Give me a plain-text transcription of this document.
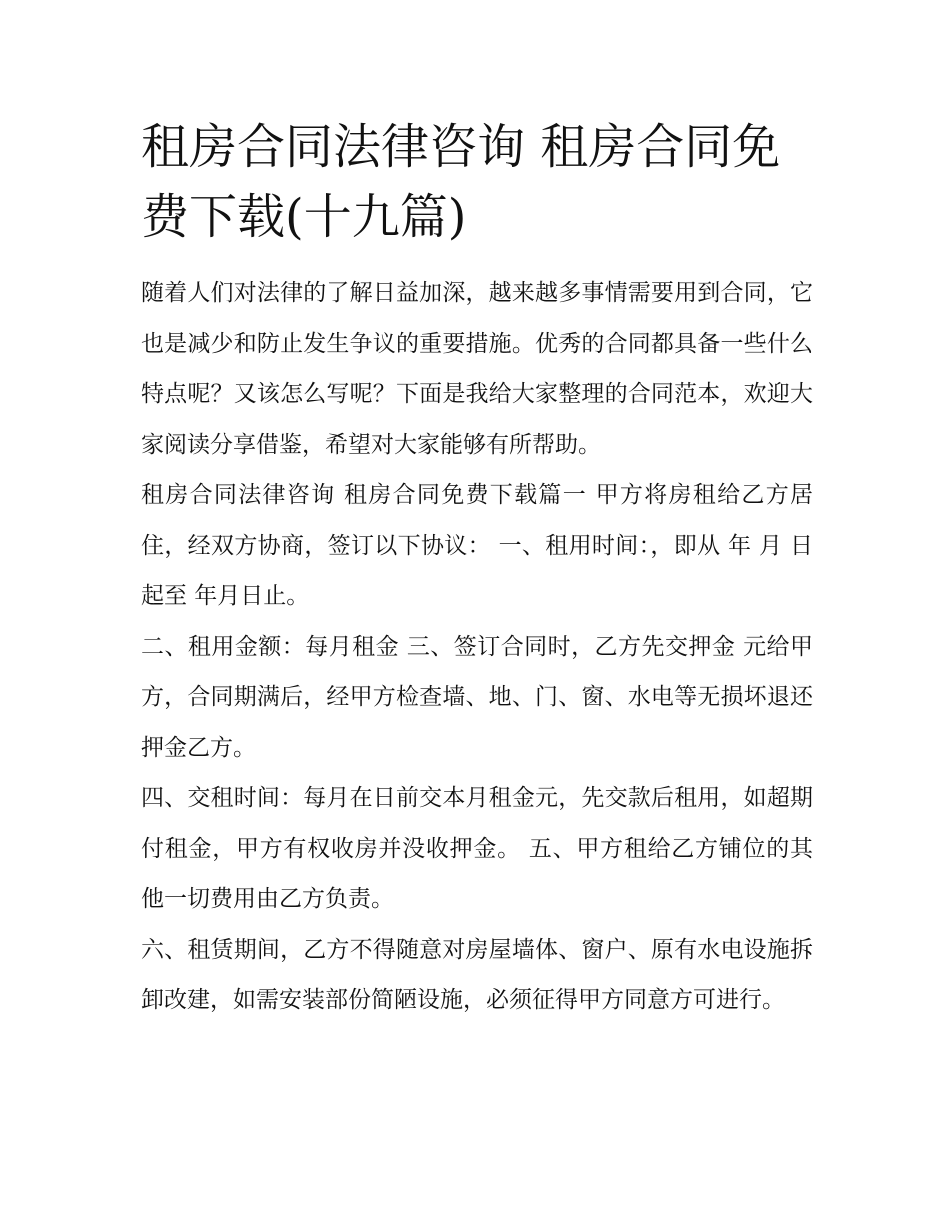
租房合同法律咨询 租房合同免费下载(十九篇)

随着人们对法律的了解日益加深，越来越多事情需要用到合同，它也是减少和防止发生争议的重要措施。优秀的合同都具备一些什么特点呢？又该怎么写呢？下面是我给大家整理的合同范本，欢迎大家阅读分享借鉴，希望对大家能够有所帮助。

租房合同法律咨询 租房合同免费下载篇一 甲方将房租给乙方居住，经双方协商，签订以下协议： 一、租用时间：，即从 年 月 日起至 年月日止。

二、租用金额：每月租金 三、签订合同时，乙方先交押金 元给甲方，合同期满后，经甲方检查墙、地、门、窗、水电等无损坏退还押金乙方。

四、交租时间：每月在日前交本月租金元，先交款后租用，如超期付租金，甲方有权收房并没收押金。 五、甲方租给乙方铺位的其他一切费用由乙方负责。

六、租赁期间，乙方不得随意对房屋墙体、窗户、原有水电设施拆卸改建，如需安装部份简陋设施，必须征得甲方同意方可进行。
